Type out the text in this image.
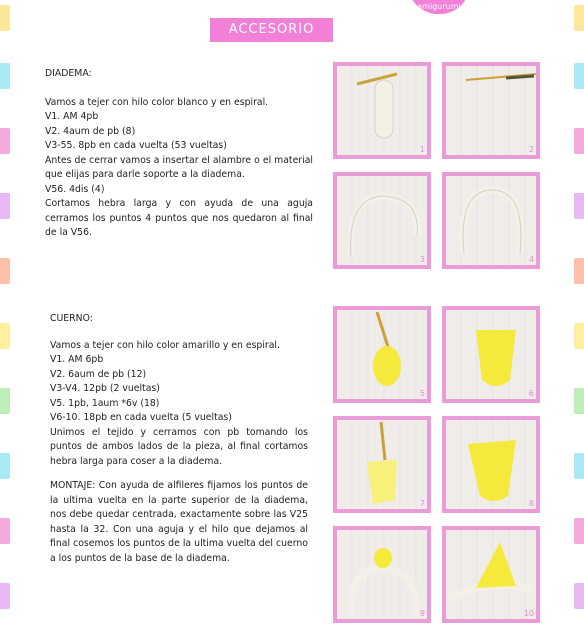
amigurumi
ACCESORIO

DIADEMA:

Vamos a tejer con hilo color blanco y en espiral.

V1. AM 4pb

V2. 4aum de pb (8)

V3-55. 8pb en cada vuelta (53 vueltas)

Antes de cerrar vamos a insertar el alambre o el material que elijas para darle soporte a la diadema.

V56. 4dis (4)

Cortamos hebra larga y con ayuda de una aguja cerramos los puntos 4 puntos que nos quedaron al final de la V56.

CUERNO:

Vamos a tejer con hilo color amarillo y en espiral.

V1. AM 6pb

V2. 6aum de pb (12)

V3-V4. 12pb (2 vueltas)

V5. 1pb, 1aum *6v (18)

V6-10. 18pb en cada vuelta (5 vueltas)

Unimos el tejido y cerramos con pb tomando los puntos de ambos lados de la pieza, al final cortamos hebra larga para coser a la diadema.

MONTAJE: Con ayuda de alfileres fijamos los puntos de la ultima vuelta en la parte superior de la diadema, nos debe quedar centrada, exactamente sobre las V25 hasta la 32. Con una aguja y el hilo que dejamos al final cosemos los puntos de la ultima vuelta del cuerno a los puntos de la base de la diadema.

1	2
3	4
5	6
7	8
9	10
